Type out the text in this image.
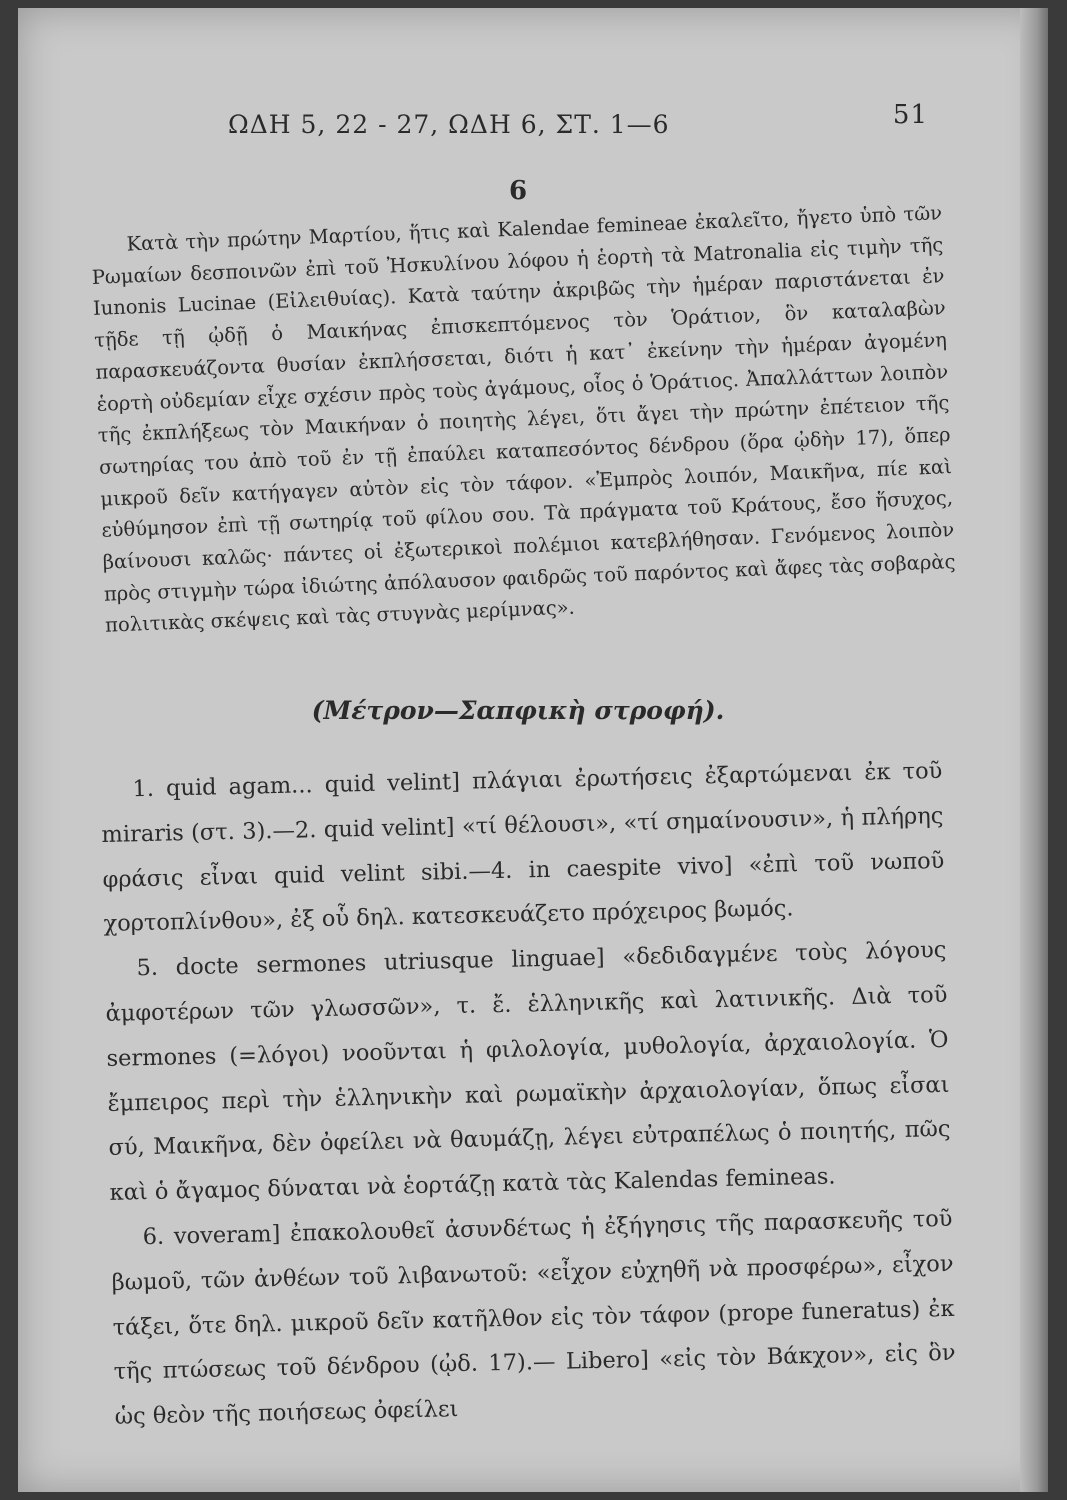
ΩΔΗ 5, 22 - 27, ΩΔΗ 6, ΣΤ. 1—6	51
6

Κατὰ τὴν πρώτην Μαρτίου, ἥτις καὶ Kalendae femineae ἐκαλεῖτο, ἤγετο ὑπὸ τῶν Ρωμαίων δεσποινῶν ἐπὶ τοῦ Ἠσκυλίνου λόφου ἡ ἑορτὴ τὰ Matronalia εἰς τιμὴν τῆς Iunonis Lucinae (Εἰλειθυίας). Κατὰ ταύτην ἀκριβῶς τὴν ἡμέραν παριστάνεται ἐν τῇδε τῇ ᾠδῇ ὁ Μαικήνας ἐπισκεπτόμενος τὸν Ὁράτιον, ὃν καταλαβὼν παρασκευάζοντα θυσίαν ἐκπλήσσεται, διότι ἡ κατ᾽ ἐκείνην τὴν ἡμέραν ἀγομένη ἑορτὴ οὐδεμίαν εἶχε σχέσιν πρὸς τοὺς ἀγάμους, οἷος ὁ Ὁράτιος. Ἀπαλλάττων λοιπὸν τῆς ἐκπλήξεως τὸν Μαικήναν ὁ ποιητὴς λέγει, ὅτι ἄγει τὴν πρώτην ἐπέτειον τῆς σωτηρίας του ἀπὸ τοῦ ἐν τῇ ἐπαύλει καταπεσόντος δένδρου (ὅρα ᾠδὴν 17), ὅπερ μικροῦ δεῖν κατήγαγεν αὐτὸν εἰς τὸν τάφον. «Ἐμπρὸς λοιπόν, Μαικῆνα, πίε καὶ εὐθύμησον ἐπὶ τῇ σωτηρίᾳ τοῦ φίλου σου. Τὰ πράγματα τοῦ Κράτους, ἔσο ἥσυχος, βαίνουσι καλῶς· πάντες οἱ ἐξωτερικοὶ πολέμιοι κατεβλήθησαν. Γενόμενος λοιπὸν πρὸς στιγμὴν τώρα ἰδιώτης ἀπόλαυσον φαιδρῶς τοῦ παρόντος καὶ ἄφες τὰς σοβαρὰς πολιτικὰς σκέψεις καὶ τὰς στυγνὰς μερίμνας».

(Μέτρον—Σαπφικὴ στροφή).

1. quid agam... quid velint] πλάγιαι ἐρωτήσεις ἐξαρτώμεναι ἐκ τοῦ miraris (στ. 3).—2. quid velint] «τί θέλουσι», «τί σημαίνουσιν», ἡ πλήρης φράσις εἶναι quid velint sibi.—4. in caespite vivo] «ἐπὶ τοῦ νωποῦ χορτοπλίνθου», ἐξ οὗ δηλ. κατεσκευάζετο πρόχειρος βωμός.

5. docte sermones utriusque linguae] «δεδιδαγμένε τοὺς λόγους ἀμφοτέρων τῶν γλωσσῶν», τ. ἔ. ἑλληνικῆς καὶ λατινικῆς. Διὰ τοῦ sermones (=λόγοι) νοοῦνται ἡ φιλολογία, μυθολογία, ἀρχαιολογία. Ὁ ἔμπειρος περὶ τὴν ἑλληνικὴν καὶ ρωμαϊκὴν ἀρχαιολογίαν, ὅπως εἶσαι σύ, Μαικῆνα, δὲν ὀφείλει νὰ θαυμάζῃ, λέγει εὐτραπέλως ὁ ποιητής, πῶς καὶ ὁ ἄγαμος δύναται νὰ ἑορτάζῃ κατὰ τὰς Kalendas femineas.

6. voveram] ἐπακολουθεῖ ἀσυνδέτως ἡ ἐξήγησις τῆς παρασκευῆς τοῦ βωμοῦ, τῶν ἀνθέων τοῦ λιβανωτοῦ: «εἶχον εὐχηθῆ νὰ προσφέρω», εἶχον τάξει, ὅτε δηλ. μικροῦ δεῖν κατῆλθον εἰς τὸν τάφον (prope funeratus) ἐκ τῆς πτώσεως τοῦ δένδρου (ᾠδ. 17).— Libero] «εἰς τὸν Βάκχον», εἰς ὃν ὡς θεὸν τῆς ποιήσεως ὀφείλει
